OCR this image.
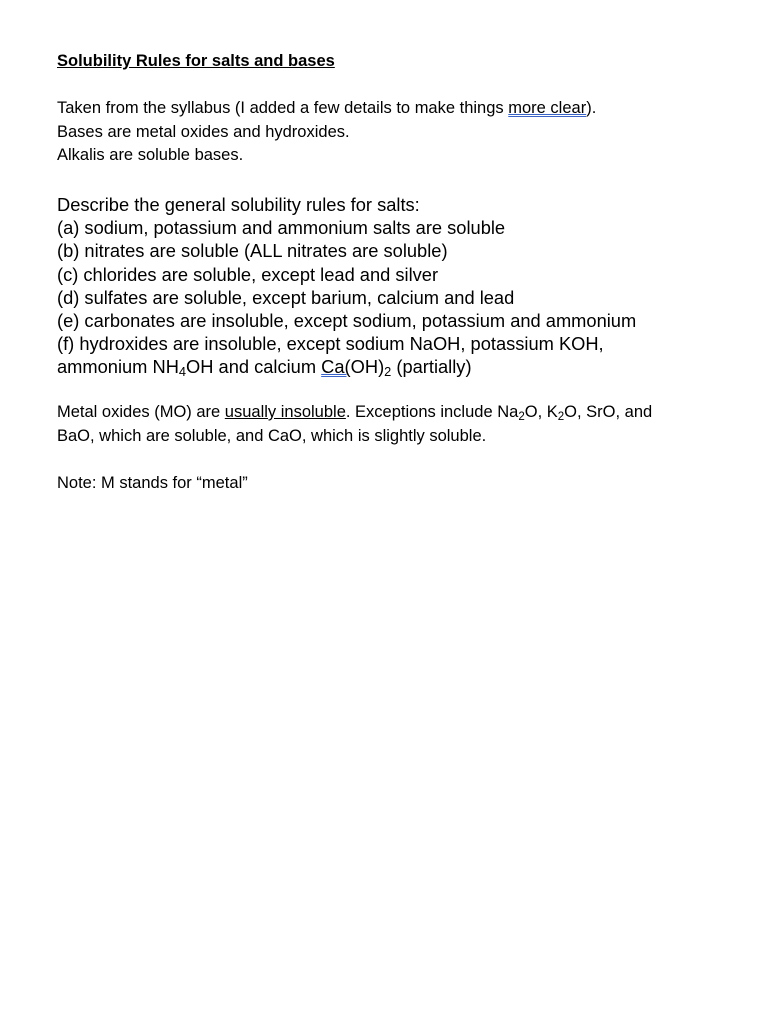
Solubility Rules for salts and bases
Taken from the syllabus (I added a few details to make things more clear).
Bases are metal oxides and hydroxides.
Alkalis are soluble bases.
Describe the general solubility rules for salts:
(a) sodium, potassium and ammonium salts are soluble
(b) nitrates are soluble (ALL nitrates are soluble)
(c) chlorides are soluble, except lead and silver
(d) sulfates are soluble, except barium, calcium and lead
(e) carbonates are insoluble, except sodium, potassium and ammonium
(f) hydroxides are insoluble, except sodium NaOH, potassium KOH,
ammonium $NH_4OH$ and calcium $Ca(OH)_2$ (partially)
Metal oxides (MO) are usually insoluble. Exceptions include $Na_2O$, $K_2O$, SrO, and
BaO, which are soluble, and CaO, which is slightly soluble.
Note: M stands for “metal”
